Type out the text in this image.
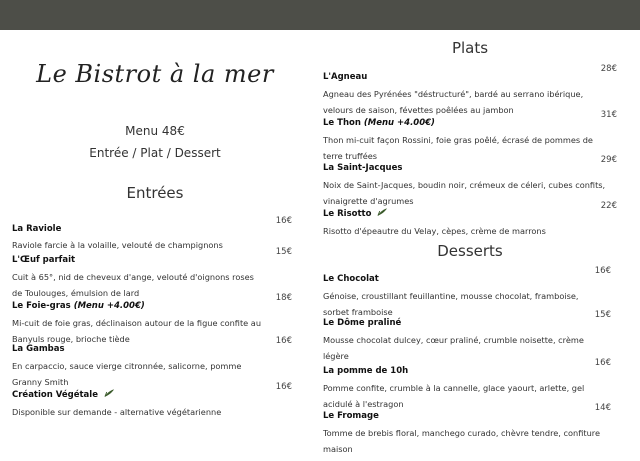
Le Bistrot à la mer
Menu 48€
Entrée / Plat / Dessert
Entrées
La Raviole
16€
Raviole farcie à la volaille, velouté de champignons
L'Œuf parfait
15€
Cuit à 65°, nid de cheveux d'ange, velouté d'oignons roses de Toulouges, émulsion de lard
Le Foie-gras (Menu +4.00€)
18€
Mi-cuit de foie gras, déclinaison autour de la figue confite au Banyuls rouge, brioche tiède
La Gambas
16€
En carpaccio, sauce vierge citronnée, salicorne, pomme Granny Smith
Création Végétale
16€
Disponible sur demande - alternative végétarienne
Plats
L'Agneau
28€
Agneau des Pyrénées "déstructuré", bardé au serrano ibérique, velours de saison, févettes poêlées au jambon
Le Thon (Menu +4.00€)
31€
Thon mi-cuit façon Rossini, foie gras poêlé, écrasé de pommes de terre truffées
La Saint-Jacques
29€
Noix de Saint-Jacques, boudin noir, crémeux de céleri, cubes confits, vinaigrette d'agrumes
Le Risotto
22€
Risotto d'épeautre du Velay, cèpes, crème de marrons
Desserts
Le Chocolat
16€
Génoise, croustillant feuillantine, mousse chocolat, framboise, sorbet framboise
Le Dôme praliné
15€
Mousse chocolat dulcey, cœur praliné, crumble noisette, crème légère
La pomme de 10h
16€
Pomme confite, crumble à la cannelle, glace yaourt, arlette, gel acidulé à l'estragon
Le Fromage
14€
Tomme de brebis floral, manchego curado, chèvre tendre, confiture maison
